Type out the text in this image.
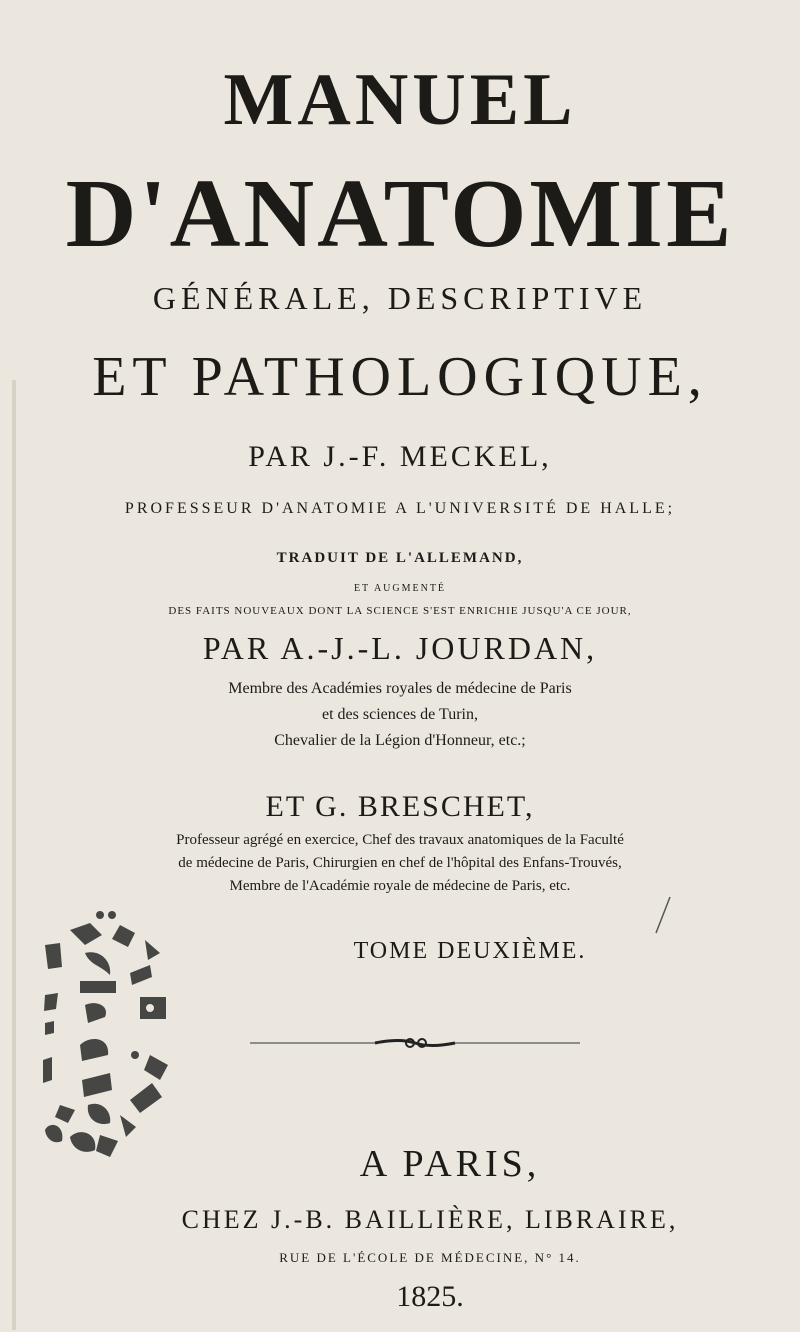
MANUEL
D'ANATOMIE
GÉNÉRALE, DESCRIPTIVE
ET PATHOLOGIQUE,
PAR J.-F. MECKEL,
PROFESSEUR D'ANATOMIE A L'UNIVERSITÉ DE HALLE;
TRADUIT DE L'ALLEMAND,
ET AUGMENTÉ
DES FAITS NOUVEAUX DONT LA SCIENCE S'EST ENRICHIE JUSQU'A CE JOUR,
PAR A.-J.-L. JOURDAN,
Membre des Académies royales de médecine de Paris
et des sciences de Turin,
Chevalier de la Légion d'Honneur, etc.;
ET G. BRESCHET,
Professeur agrégé en exercice, Chef des travaux anatomiques de la Faculté
de médecine de Paris, Chirurgien en chef de l'hôpital des Enfans-Trouvés,
Membre de l'Académie royale de médecine de Paris, etc.
TOME DEUXIÈME.
A PARIS,
CHEZ J.-B. BAILLIÈRE, LIBRAIRE,
RUE DE L'ÉCOLE DE MÉDECINE, N° 14.
1825.
